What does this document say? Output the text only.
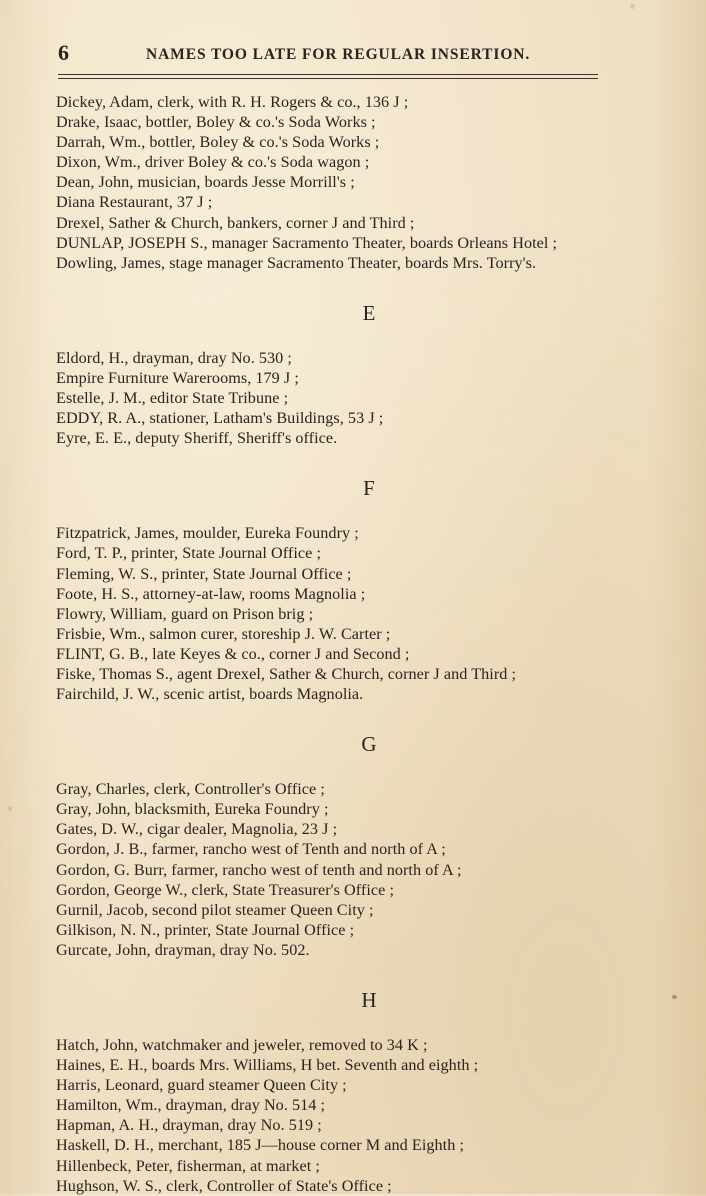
6	NAMES TOO LATE FOR REGULAR INSERTION.
Dickey, Adam, clerk, with R. H. Rogers & co., 136 J ;
Drake, Isaac, bottler, Boley & co.'s Soda Works ;
Darrah, Wm., bottler, Boley & co.'s Soda Works ;
Dixon, Wm., driver Boley & co.'s Soda wagon ;
Dean, John, musician, boards Jesse Morrill's ;
Diana Restaurant, 37 J ;
Drexel, Sather & Church, bankers, corner J and Third ;
DUNLAP, JOSEPH S., manager Sacramento Theater, boards Orleans Hotel ;
Dowling, James, stage manager Sacramento Theater, boards Mrs. Torry's.
E
Eldord, H., drayman, dray No. 530 ;
Empire Furniture Warerooms, 179 J ;
Estelle, J. M., editor State Tribune ;
EDDY, R. A., stationer, Latham's Buildings, 53 J ;
Eyre, E. E., deputy Sheriff, Sheriff's office.
F
Fitzpatrick, James, moulder, Eureka Foundry ;
Ford, T. P., printer, State Journal Office ;
Fleming, W. S., printer, State Journal Office ;
Foote, H. S., attorney-at-law, rooms Magnolia ;
Flowry, William, guard on Prison brig ;
Frisbie, Wm., salmon curer, storeship J. W. Carter ;
FLINT, G. B., late Keyes & co., corner J and Second ;
Fiske, Thomas S., agent Drexel, Sather & Church, corner J and Third ;
Fairchild, J. W., scenic artist, boards Magnolia.
G
Gray, Charles, clerk, Controller's Office ;
Gray, John, blacksmith, Eureka Foundry ;
Gates, D. W., cigar dealer, Magnolia, 23 J ;
Gordon, J. B., farmer, rancho west of Tenth and north of A ;
Gordon, G. Burr, farmer, rancho west of tenth and north of A ;
Gordon, George W., clerk, State Treasurer's Office ;
Gurnil, Jacob, second pilot steamer Queen City ;
Gilkison, N. N., printer, State Journal Office ;
Gurcate, John, drayman, dray No. 502.
H
Hatch, John, watchmaker and jeweler, removed to 34 K ;
Haines, E. H., boards Mrs. Williams, H bet. Seventh and eighth ;
Harris, Leonard, guard steamer Queen City ;
Hamilton, Wm., drayman, dray No. 514 ;
Hapman, A. H., drayman, dray No. 519 ;
Haskell, D. H., merchant, 185 J—house corner M and Eighth ;
Hillenbeck, Peter, fisherman, at market ;
Hughson, W. S., clerk, Controller of State's Office ;
